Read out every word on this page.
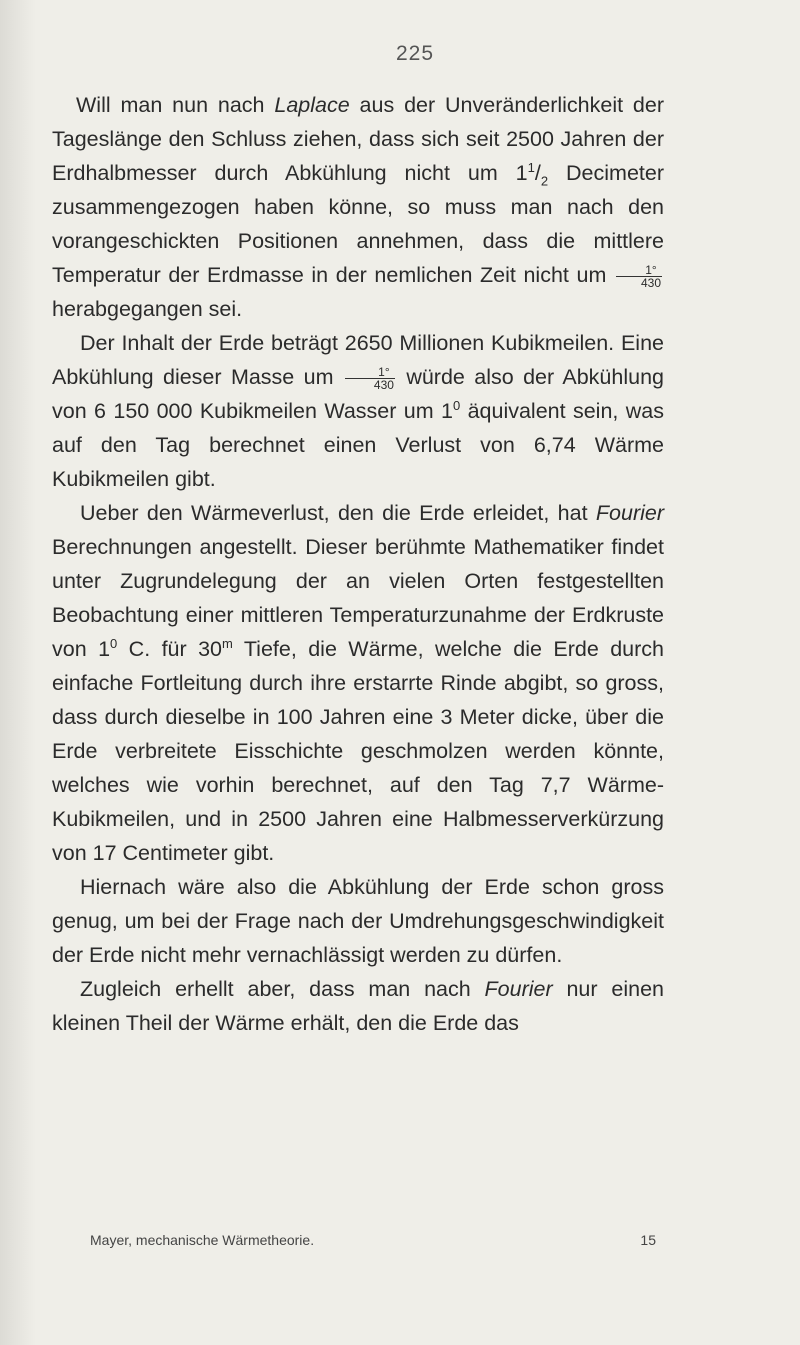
225

Will man nun nach Laplace aus der Unveränderlichkeit der Tageslänge den Schluss ziehen, dass sich seit 2500 Jahren der Erdhalbmesser durch Abkühlung nicht um $1^1/_2$ Decimeter zusammengezogen haben könne, so muss man nach den vorangeschickten Positionen annehmen, dass die mittlere Temperatur der Erdmasse in der nemlichen Zeit nicht um $\frac{1^\circ}{430}$
herabgegangen sei.

Der Inhalt der Erde beträgt 2650 Millionen Kubikmeilen. Eine Abkühlung dieser Masse um $\frac{1^\circ}{430}$ würde also der Abkühlung von 6 150 000 Kubikmeilen Wasser um $1^0$ äquivalent sein, was auf den Tag berechnet einen Verlust von 6,74 Wärme Kubikmeilen gibt.

Ueber den Wärmeverlust, den die Erde erleidet, hat Fourier Berechnungen angestellt. Dieser berühmte Mathematiker findet unter Zugrundelegung der an vielen Orten festgestellten Beobachtung einer mittleren Temperaturzunahme der Erdkruste von $1^0$ C. für 30$^m$ Tiefe, die Wärme, welche die Erde durch einfache Fortleitung durch ihre erstarrte Rinde abgibt, so gross, dass durch dieselbe in 100 Jahren eine 3 Meter dicke, über die Erde verbreitete Eisschichte geschmolzen werden könnte, welches wie vorhin berechnet, auf den Tag 7,7 Wärme-Kubikmeilen, und in 2500 Jahren eine Halbmesserverkürzung von 17 Centimeter gibt.

Hiernach wäre also die Abkühlung der Erde schon gross genug, um bei der Frage nach der Umdrehungsgeschwindigkeit der Erde nicht mehr vernachlässigt werden zu dürfen.

Zugleich erhellt aber, dass man nach Fourier nur einen kleinen Theil der Wärme erhält, den die Erde das

Mayer, mechanische Wärmetheorie.	15
